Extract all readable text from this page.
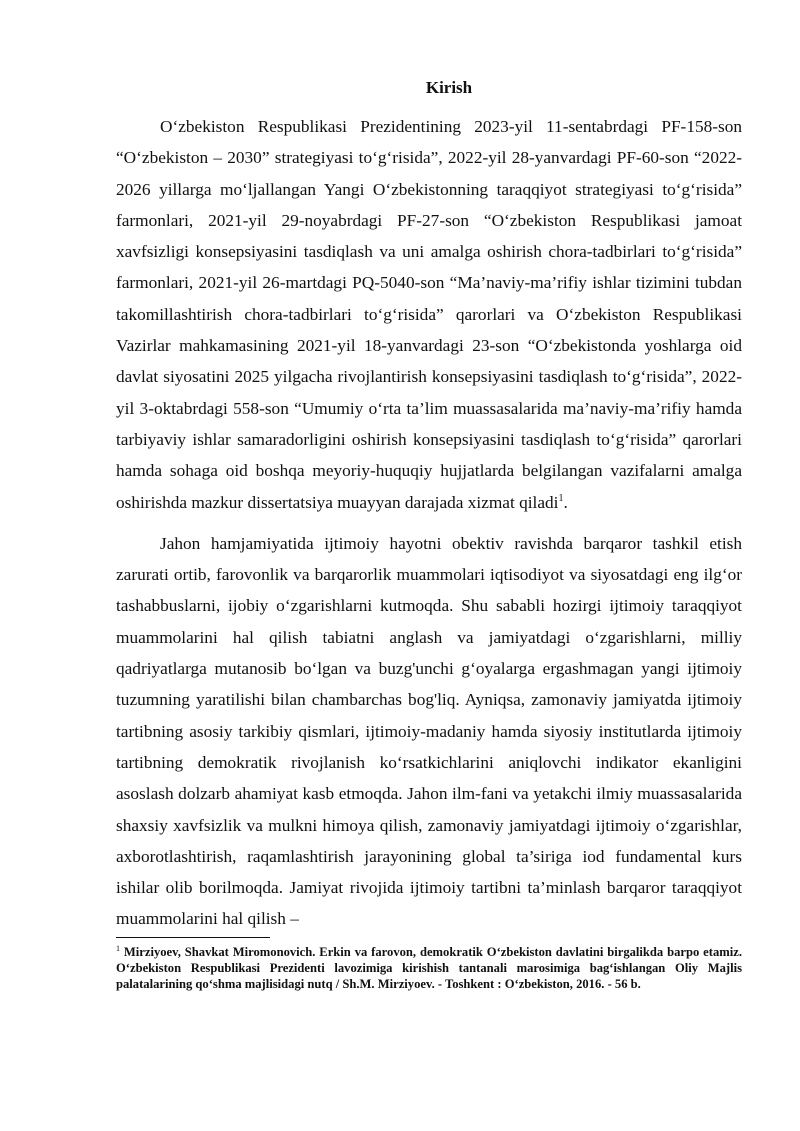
Kirish

O‘zbekiston Respublikasi Prezidentining 2023-yil 11-sentabrdagi PF-158-son “O‘zbekiston – 2030” strategiyasi to‘g‘risida”, 2022-yil 28-yanvardagi PF-60-son “2022-2026 yillarga mo‘ljallangan Yangi O‘zbekistonning taraqqiyot strategiyasi to‘g‘risida” farmonlari, 2021-yil 29-noyabrdagi PF-27-son “O‘zbekiston Respublikasi jamoat xavfsizligi konsepsiyasini tasdiqlash va uni amalga oshirish chora-tadbirlari to‘g‘risida” farmonlari, 2021-yil 26-martdagi PQ-5040-son “Ma’naviy-ma’rifiy ishlar tizimini tubdan takomillashtirish chora-tadbirlari to‘g‘risida” qarorlari va O‘zbekiston Respublikasi Vazirlar mahkamasining 2021-yil 18-yanvardagi 23-son “O‘zbekistonda yoshlarga oid davlat siyosatini 2025 yilgacha rivojlantirish konsepsiyasini tasdiqlash to‘g‘risida”, 2022-yil 3-oktabrdagi 558-son “Umumiy o‘rta ta’lim muassasalarida ma’naviy-ma’rifiy hamda tarbiyaviy ishlar samaradorligini oshirish konsepsiyasini tasdiqlash to‘g‘risida” qarorlari hamda sohaga oid boshqa meyoriy-huquqiy hujjatlarda belgilangan vazifalarni amalga oshirishda mazkur dissertatsiya muayyan darajada xizmat qiladi$^1$.

Jahon hamjamiyatida ijtimoiy hayotni obektiv ravishda barqaror tashkil etish zarurati ortib, farovonlik va barqarorlik muammolari iqtisodiyot va siyosatdagi eng ilg‘or tashabbuslarni, ijobiy o‘zgarishlarni kutmoqda. Shu sababli hozirgi ijtimoiy taraqqiyot muammolarini hal qilish tabiatni anglash va jamiyatdagi o‘zgarishlarni, milliy qadriyatlarga mutanosib bo‘lgan va buzg'unchi g‘oyalarga ergashmagan yangi ijtimoiy tuzumning yaratilishi bilan chambarchas bog'liq. Ayniqsa, zamonaviy jamiyatda ijtimoiy tartibning asosiy tarkibiy qismlari, ijtimoiy-madaniy hamda siyosiy institutlarda ijtimoiy tartibning demokratik rivojlanish ko‘rsatkichlarini aniqlovchi indikator ekanligini asoslash dolzarb ahamiyat kasb etmoqda. Jahon ilm-fani va yetakchi ilmiy muassasalarida shaxsiy xavfsizlik va mulkni himoya qilish, zamonaviy jamiyatdagi ijtimoiy o‘zgarishlar, axborotlashtirish, raqamlashtirish jarayonining global ta’siriga iod fundamental kurs ishilar olib borilmoqda. Jamiyat rivojida ijtimoiy tartibni ta’minlash barqaror taraqqiyot muammolarini hal qilish –

$^1$ Mirziyoev, Shavkat Miromonovich. Erkin va farovon, demokratik O‘zbekiston davlatini birgalikda barpo etamiz. O‘zbekiston Respublikasi Prezidenti lavozimiga kirishish tantanali marosimiga bag‘ishlangan Oliy Majlis palatalarining qo‘shma majlisidagi nutq / Sh.M. Mirziyoev. - Toshkent : O‘zbekiston, 2016. - 56 b.
